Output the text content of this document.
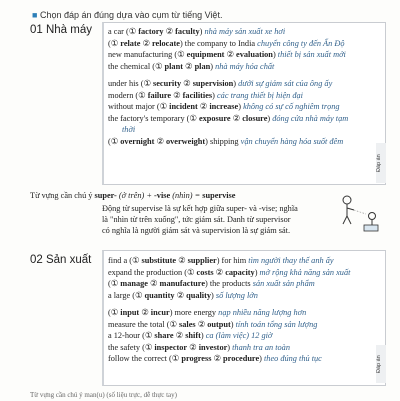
■ Chọn đáp án đúng dựa vào cụm từ tiếng Việt.
01 Nhà máy a car (① factory ② faculty) nhà máy sản xuất xe hơi
(① relate ② relocate) the company to India chuyển công ty đến Ấn Độ
new manufacturing (① equipment ② evaluation) thiết bị sản xuất mới
the chemical (① plant ② plan) nhà máy hóa chất
under his (① security ② supervision) dưới sự giám sát của ông ấy
modern (① failure ② facilities) các trang thiết bị hiện đại
without major (① incident ② increase) không có sự cố nghiêm trọng
the factory's temporary (① exposure ② closure) đóng cửa nhà máy tạm
thời
(① overnight ② overweight) shipping vận chuyển hàng hóa suốt đêm
Đáp án
Từ vựng cần chú ý super- (ở trên) + -vise (nhìn) = supervise
Động từ supervise là sự kết hợp giữa super- và -vise; nghĩa
là "nhìn từ trên xuống", tức giám sát. Danh từ supervisor
có nghĩa là người giám sát và supervision là sự giám sát.
02 Sản xuất find a (① substitute ② supplier) for him tìm người thay thế anh ấy
expand the production (① costs ② capacity) mở rộng khả năng sản xuất
(① manage ② manufacture) the products sản xuất sản phẩm
a large (① quantity ② quality) số lượng lớn
(① input ② incur) more energy nạp nhiều năng lượng hơn
measure the total (① sales ② output) tính toán tổng sản lượng
a 12-hour (① share ② shift) ca (làm việc) 12 giờ
the safety (① inspector ② investor) thanh tra an toàn
follow the correct (① progress ② procedure) theo đúng thủ tục	Đáp án
Từ vựng cần chú ý man(u) (số liệu trực, dễ thực tay)
